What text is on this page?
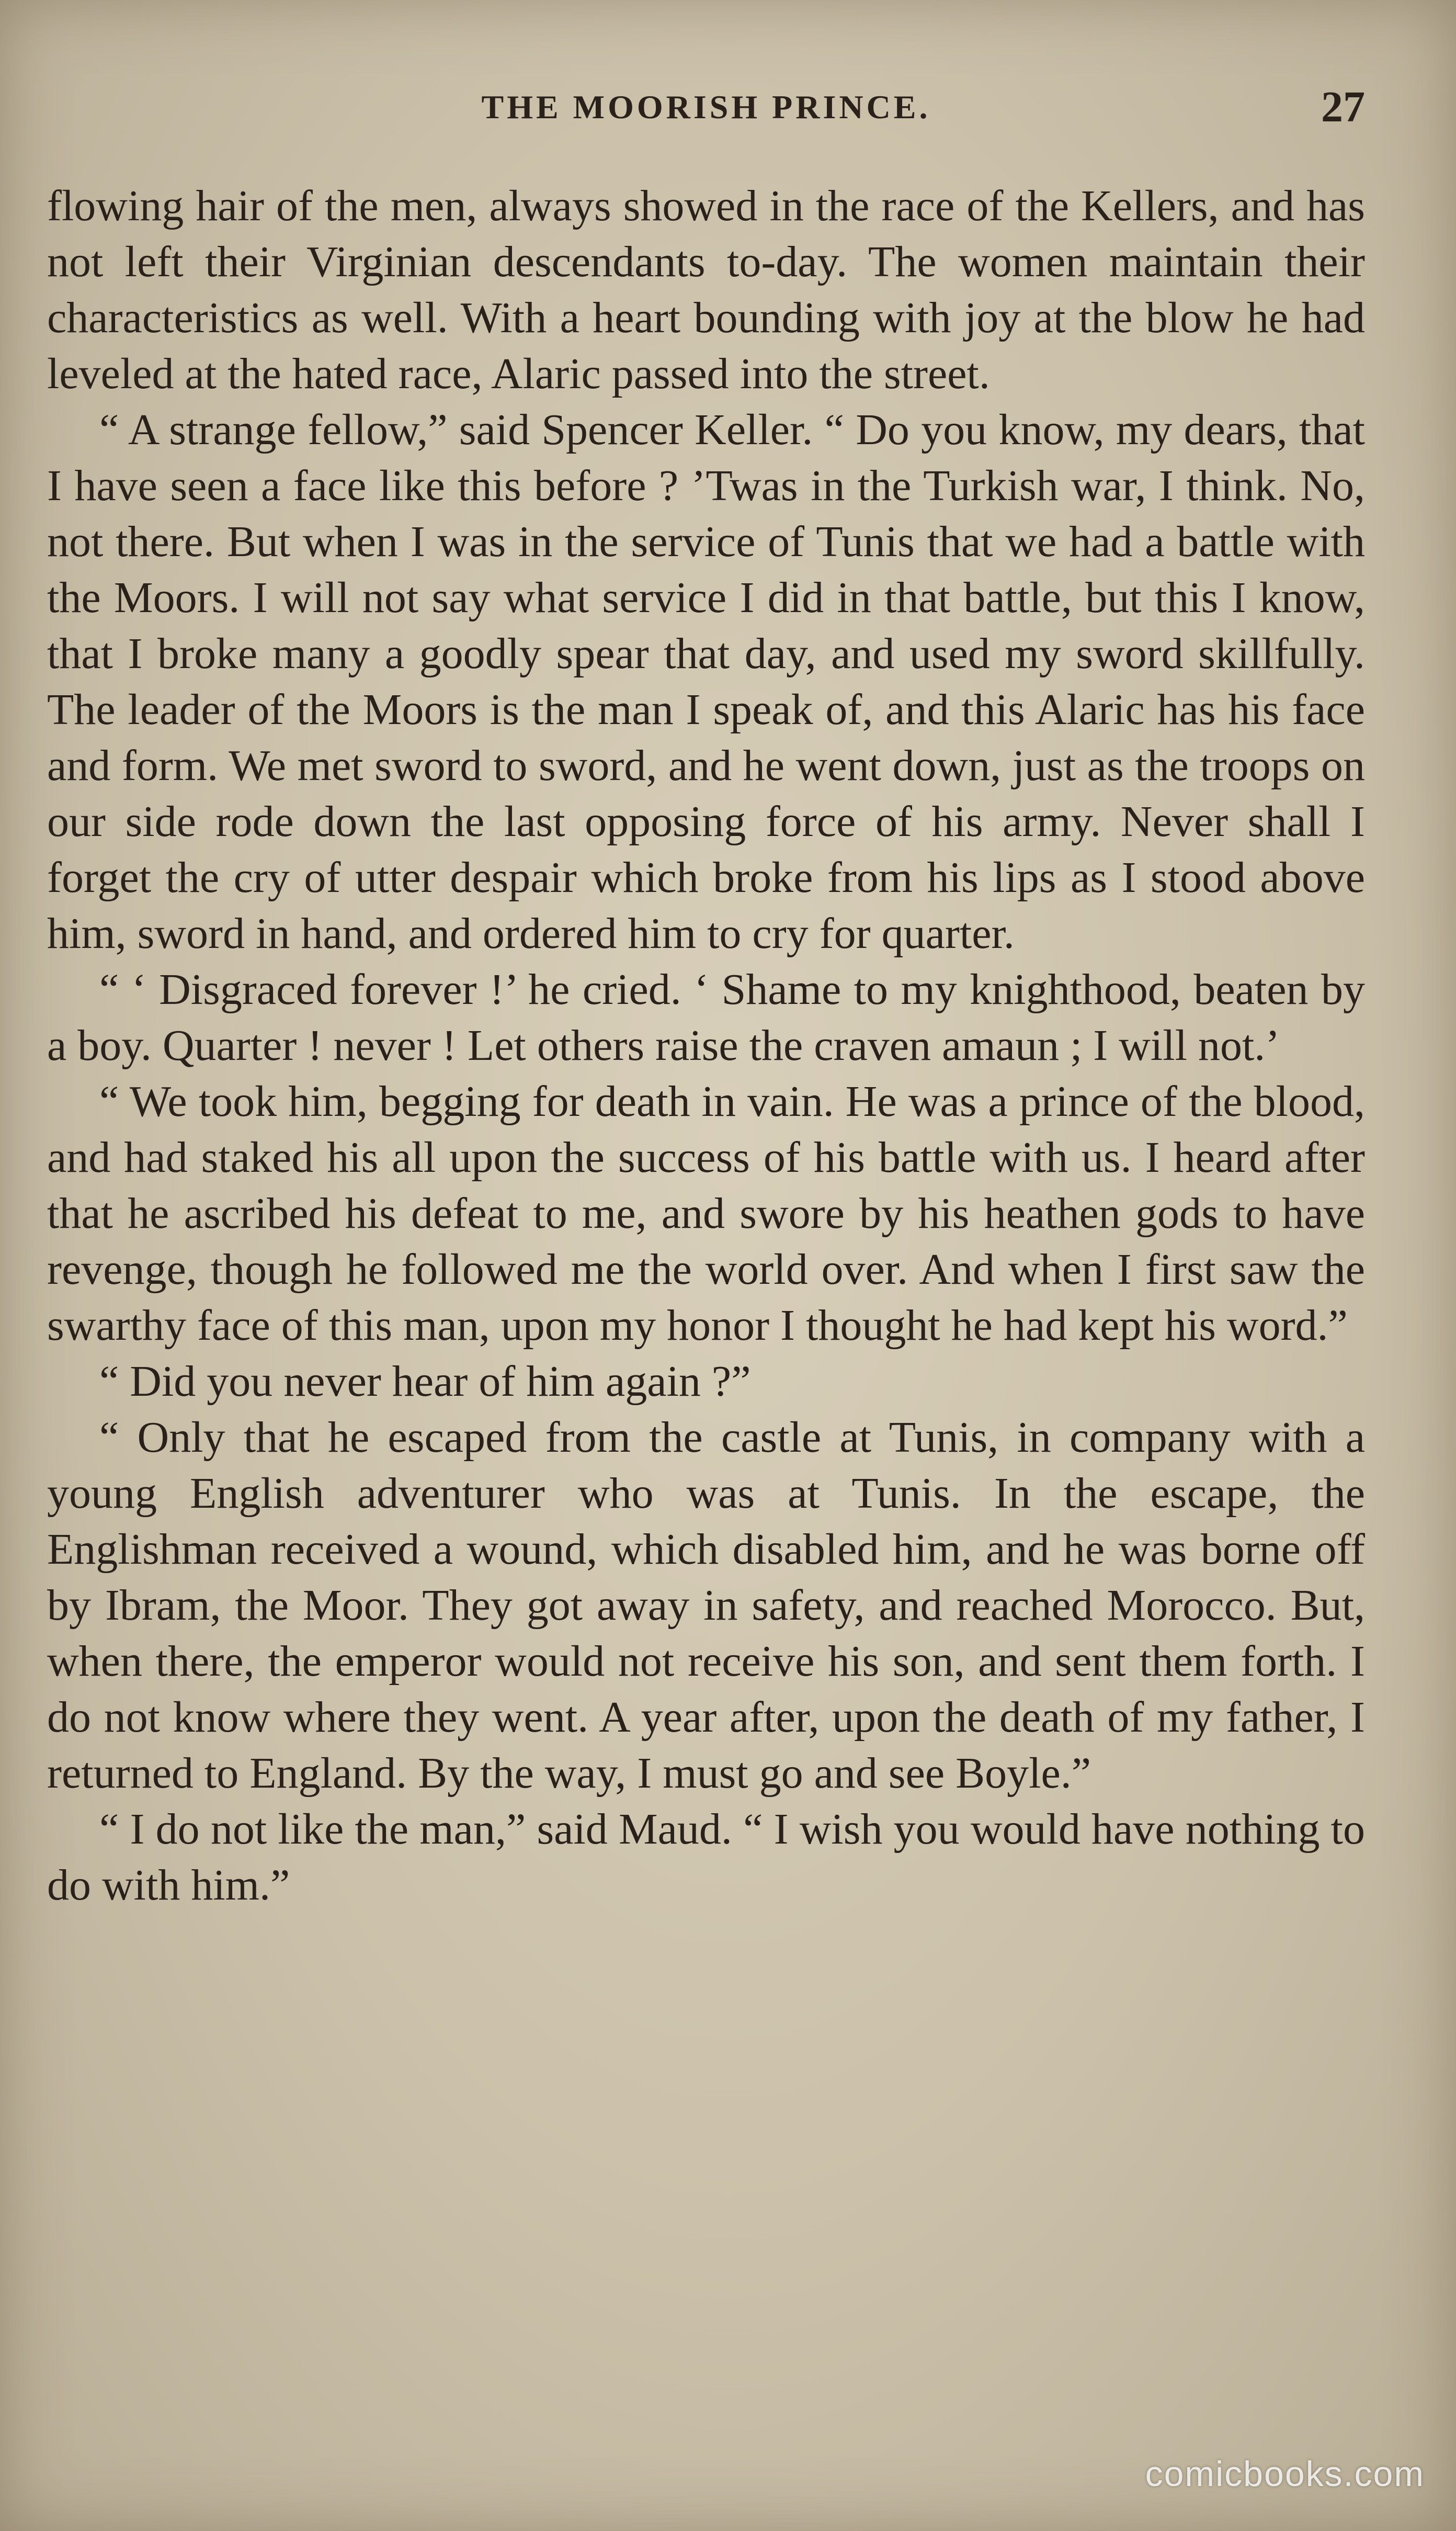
THE MOORISH PRINCE.	27

flowing hair of the men, always showed in the race of the Kellers, and has not left their Virginian descendants to-day. The women maintain their characteristics as well. With a heart bounding with joy at the blow he had leveled at the hated race, Alaric passed into the street.

“ A strange fellow,” said Spencer Keller. “ Do you know, my dears, that I have seen a face like this before ? ’Twas in the Turkish war, I think. No, not there. But when I was in the service of Tunis that we had a battle with the Moors. I will not say what service I did in that battle, but this I know, that I broke many a goodly spear that day, and used my sword skillfully. The leader of the Moors is the man I speak of, and this Alaric has his face and form. We met sword to sword, and he went down, just as the troops on our side rode down the last opposing force of his army. Never shall I forget the cry of utter despair which broke from his lips as I stood above him, sword in hand, and ordered him to cry for quarter.

“ ‘ Disgraced forever !’ he cried. ‘ Shame to my knighthood, beaten by a boy. Quarter ! never ! Let others raise the craven amaun ; I will not.’

“ We took him, begging for death in vain. He was a prince of the blood, and had staked his all upon the success of his battle with us. I heard after that he ascribed his defeat to me, and swore by his heathen gods to have revenge, though he followed me the world over. And when I first saw the swarthy face of this man, upon my honor I thought he had kept his word.”

“ Did you never hear of him again ?”

“ Only that he escaped from the castle at Tunis, in company with a young English adventurer who was at Tunis. In the escape, the Englishman received a wound, which disabled him, and he was borne off by Ibram, the Moor. They got away in safety, and reached Morocco. But, when there, the emperor would not receive his son, and sent them forth. I do not know where they went. A year after, upon the death of my father, I returned to England. By the way, I must go and see Boyle.”

“ I do not like the man,” said Maud. “ I wish you would have nothing to do with him.”

comicbooks.com
